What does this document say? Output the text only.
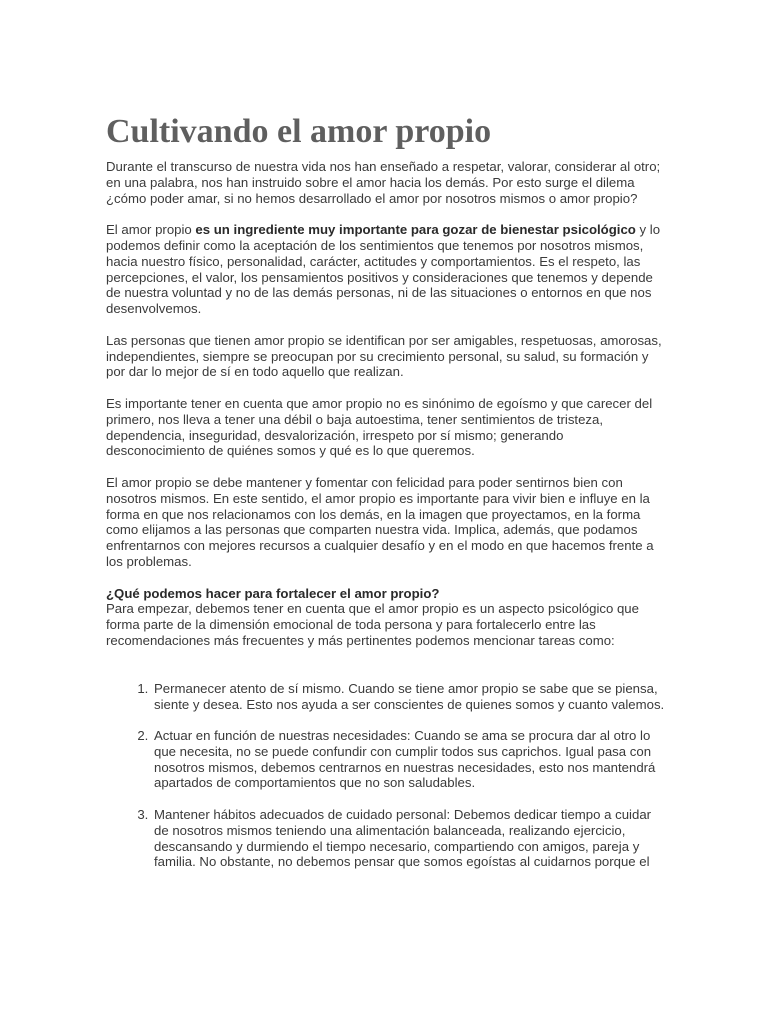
Cultivando el amor propio

Durante el transcurso de nuestra vida nos han enseñado a respetar, valorar, considerar al otro; en una palabra, nos han instruido sobre el amor hacia los demás. Por esto surge el dilema ¿cómo poder amar, si no hemos desarrollado el amor por nosotros mismos o amor propio?

El amor propio es un ingrediente muy importante para gozar de bienestar psicológico y lo podemos definir como la aceptación de los sentimientos que tenemos por nosotros mismos, hacia nuestro físico, personalidad, carácter, actitudes y comportamientos. Es el respeto, las percepciones, el valor, los pensamientos positivos y consideraciones que tenemos y depende de nuestra voluntad y no de las demás personas, ni de las situaciones o entornos en que nos desenvolvemos.

Las personas que tienen amor propio se identifican por ser amigables, respetuosas, amorosas, independientes, siempre se preocupan por su crecimiento personal, su salud, su formación y por dar lo mejor de sí en todo aquello que realizan.

Es importante tener en cuenta que amor propio no es sinónimo de egoísmo y que carecer del primero, nos lleva a tener una débil o baja autoestima, tener sentimientos de tristeza, dependencia, inseguridad, desvalorización, irrespeto por sí mismo; generando desconocimiento de quiénes somos y qué es lo que queremos.

El amor propio se debe mantener y fomentar con felicidad para poder sentirnos bien con nosotros mismos. En este sentido, el amor propio es importante para vivir bien e influye en la forma en que nos relacionamos con los demás, en la imagen que proyectamos, en la forma como elijamos a las personas que comparten nuestra vida. Implica, además, que podamos enfrentarnos con mejores recursos a cualquier desafío y en el modo en que hacemos frente a los problemas.

¿Qué podemos hacer para fortalecer el amor propio?
Para empezar, debemos tener en cuenta que el amor propio es un aspecto psicológico que forma parte de la dimensión emocional de toda persona y para fortalecerlo entre las recomendaciones más frecuentes y más pertinentes podemos mencionar tareas como:

1. Permanecer atento de sí mismo. Cuando se tiene amor propio se sabe que se piensa, siente y desea. Esto nos ayuda a ser conscientes de quienes somos y cuanto valemos.
2. Actuar en función de nuestras necesidades: Cuando se ama se procura dar al otro lo que necesita, no se puede confundir con cumplir todos sus caprichos. Igual pasa con nosotros mismos, debemos centrarnos en nuestras necesidades, esto nos mantendrá apartados de comportamientos que no son saludables.
3. Mantener hábitos adecuados de cuidado personal: Debemos dedicar tiempo a cuidar de nosotros mismos teniendo una alimentación balanceada, realizando ejercicio, descansando y durmiendo el tiempo necesario, compartiendo con amigos, pareja y familia. No obstante, no debemos pensar que somos egoístas al cuidarnos porque el
